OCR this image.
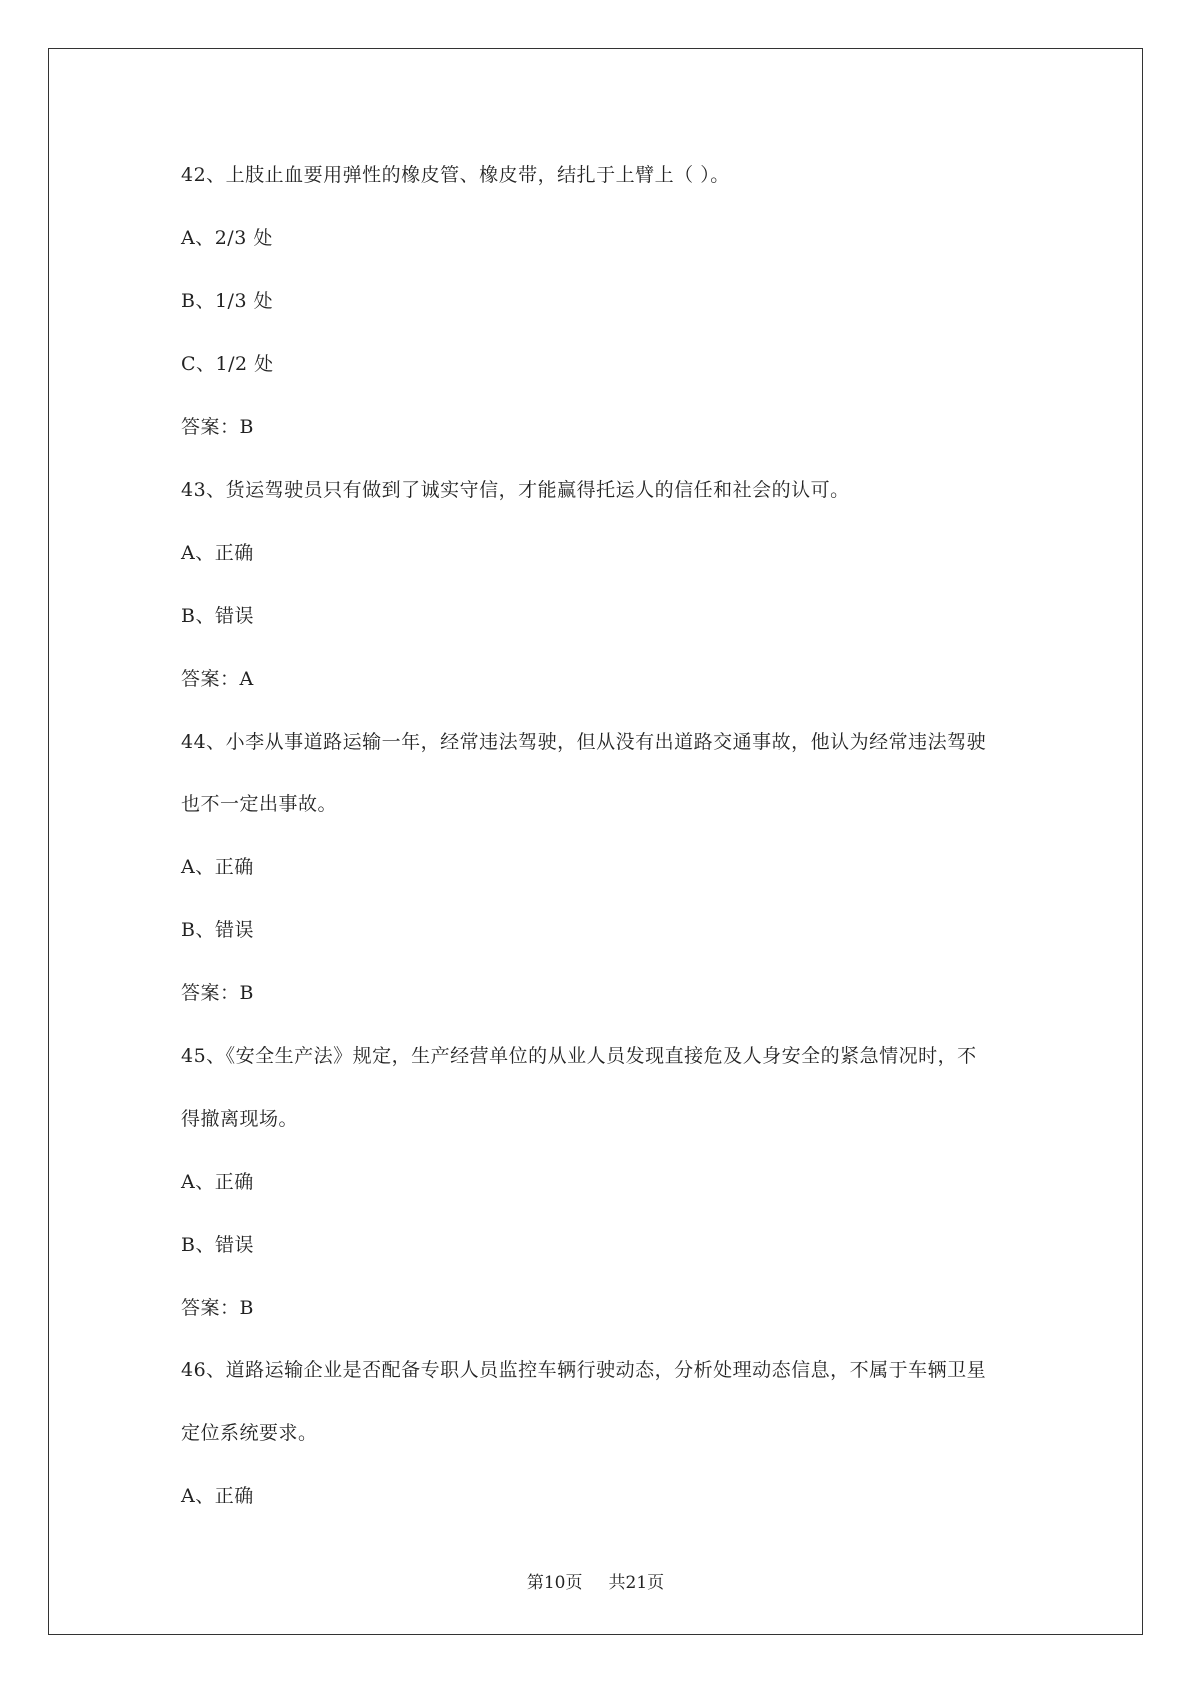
42、上肢止血要用弹性的橡皮管、橡皮带，结扎于上臂上（ ）。
A、2/3 处
B、1/3 处
C、1/2 处
答案：B
43、货运驾驶员只有做到了诚实守信，才能赢得托运人的信任和社会的认可。
A、正确
B、错误
答案：A
44、小李从事道路运输一年，经常违法驾驶，但从没有出道路交通事故，他认为经常违法驾驶
也不一定出事故。
A、正确
B、错误
答案：B
45、《安全生产法》规定，生产经营单位的从业人员发现直接危及人身安全的紧急情况时，不
得撤离现场。
A、正确
B、错误
答案：B
46、道路运输企业是否配备专职人员监控车辆行驶动态，分析处理动态信息，不属于车辆卫星
定位系统要求。
A、正确
第10页 共21页
